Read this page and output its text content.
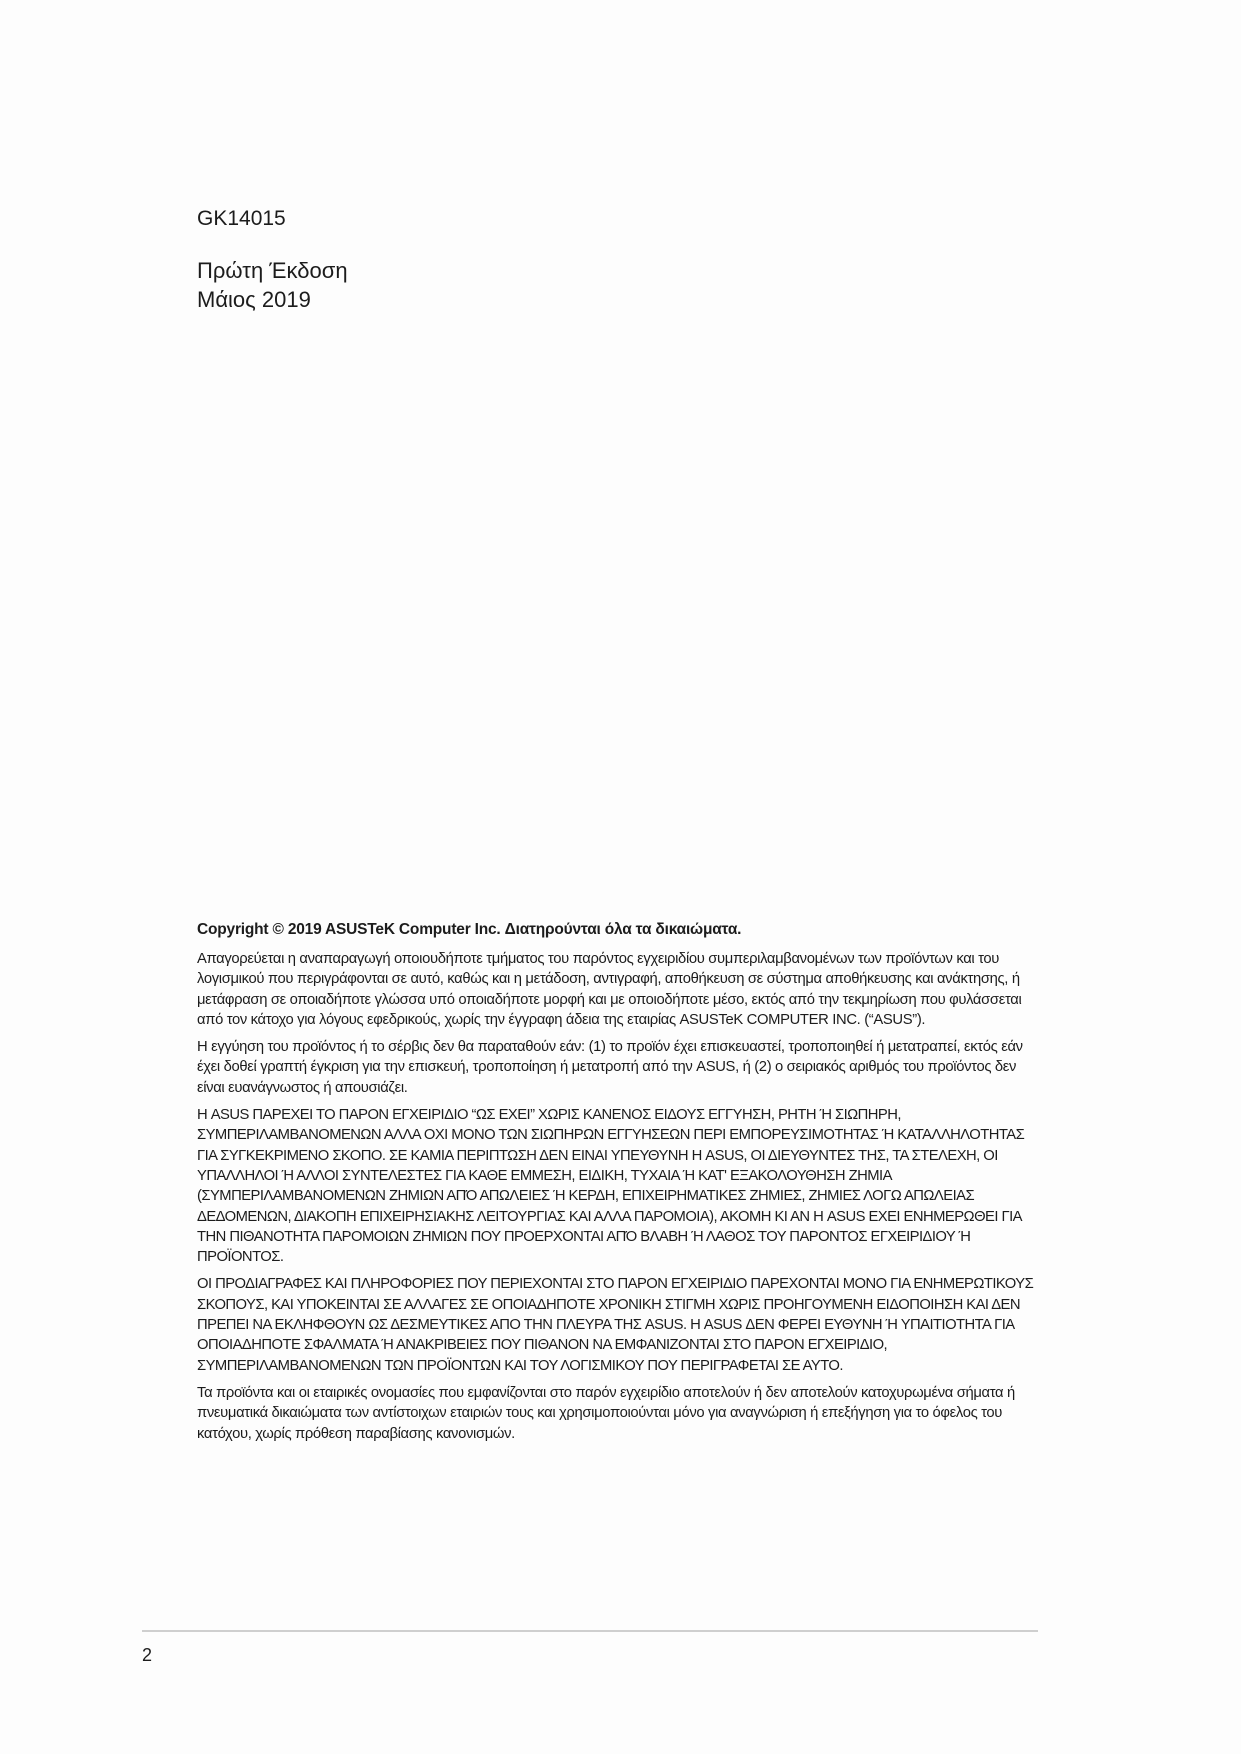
GK14015
Πρώτη Έκδοση
Μάιος 2019
Copyright © 2019 ASUSTeK Computer Inc. Διατηρούνται όλα τα δικαιώματα.

Απαγορεύεται η αναπαραγωγή οποιουδήποτε τμήματος του παρόντος εγχειριδίου συμπεριλαμβανομένων των προϊόντων και του λογισμικού που περιγράφονται σε αυτό, καθώς και η μετάδοση, αντιγραφή, αποθήκευση σε σύστημα αποθήκευσης και ανάκτησης, ή μετάφραση σε οποιαδήποτε γλώσσα υπό οποιαδήποτε μορφή και με οποιοδήποτε μέσο, εκτός από την τεκμηρίωση που φυλάσσεται από τον κάτοχο για λόγους εφεδρικούς, χωρίς την έγγραφη άδεια της εταιρίας ASUSTeK COMPUTER INC. (“ASUS”).

Η εγγύηση του προϊόντος ή το σέρβις δεν θα παραταθούν εάν: (1) το προϊόν έχει επισκευαστεί, τροποποιηθεί ή μετατραπεί, εκτός εάν έχει δοθεί γραπτή έγκριση για την επισκευή, τροποποίηση ή μετατροπή από την ASUS, ή (2) ο σειριακός αριθμός του προϊόντος δεν είναι ευανάγνωστος ή απουσιάζει.

Η ASUS ΠΑΡΕΧΕΙ ΤΟ ΠΑΡΟΝ ΕΓΧΕΙΡΙΔΙΟ “ΩΣ ΕΧΕΙ” ΧΩΡΙΣ ΚΑΝΕΝΟΣ ΕΙΔΟΥΣ ΕΓΓΥΗΣΗ, ΡΗΤΗ Ή ΣΙΩΠΗΡΗ, ΣΥΜΠΕΡΙΛΑΜΒΑΝΟΜΕΝΩΝ ΑΛΛΑ ΟΧΙ ΜΟΝΟ ΤΩΝ ΣΙΩΠΗΡΩΝ ΕΓΓΥΗΣΕΩΝ ΠΕΡΙ ΕΜΠΟΡΕΥΣΙΜΟΤΗΤΑΣ Ή ΚΑΤΑΛΛΗΛΟΤΗΤΑΣ ΓΙΑ ΣΥΓΚΕΚΡΙΜΕΝΟ ΣΚΟΠΟ. ΣΕ ΚΑΜΙΑ ΠΕΡΙΠΤΩΣΗ ΔΕΝ ΕΙΝΑΙ ΥΠΕΥΘΥΝΗ Η ASUS, ΟΙ ΔΙΕΥΘΥΝΤΕΣ ΤΗΣ, ΤΑ ΣΤΕΛΕΧΗ, ΟΙ ΥΠΑΛΛΗΛΟΙ Ή ΑΛΛΟΙ ΣΥΝΤΕΛΕΣΤΕΣ ΓΙΑ ΚΑΘΕ ΕΜΜΕΣΗ, ΕΙΔΙΚΗ, ΤΥΧΑΙΑ Ή ΚΑΤ' ΕΞΑΚΟΛΟΥΘΗΣΗ ΖΗΜΙΑ (ΣΥΜΠΕΡΙΛΑΜΒΑΝΟΜΕΝΩΝ ΖΗΜΙΩΝ ΑΠΌ ΑΠΩΛΕΙΕΣ Ή ΚΕΡΔΗ, ΕΠΙΧΕΙΡΗΜΑΤΙΚΕΣ ΖΗΜΙΕΣ, ΖΗΜΙΕΣ ΛΟΓΩ ΑΠΩΛΕΙΑΣ ΔΕΔΟΜΕΝΩΝ, ΔΙΑΚΟΠΗ ΕΠΙΧΕΙΡΗΣΙΑΚΗΣ ΛΕΙΤΟΥΡΓΙΑΣ ΚΑΙ ΑΛΛΑ ΠΑΡΟΜΟΙΑ), ΑΚΟΜΗ ΚΙ ΑΝ Η ASUS ΕΧΕΙ ΕΝΗΜΕΡΩΘΕΙ ΓΙΑ ΤΗΝ ΠΙΘΑΝΟΤΗΤΑ ΠΑΡΟΜΟΙΩΝ ΖΗΜΙΩΝ ΠΟΥ ΠΡΟΕΡΧΟΝΤΑΙ ΑΠΌ ΒΛΑΒΗ Ή ΛΑΘΟΣ ΤΟΥ ΠΑΡΟΝΤΟΣ ΕΓΧΕΙΡΙΔΙΟΥ Ή ΠΡΟΪΟΝΤΟΣ.

ΟΙ ΠΡΟΔΙΑΓΡΑΦΕΣ ΚΑΙ ΠΛΗΡΟΦΟΡΙΕΣ ΠΟΥ ΠΕΡΙΕΧΟΝΤΑΙ ΣΤΟ ΠΑΡΟΝ ΕΓΧΕΙΡΙΔΙΟ ΠΑΡΕΧΟΝΤΑΙ ΜΟΝΟ ΓΙΑ ΕΝΗΜΕΡΩΤΙΚΟΥΣ ΣΚΟΠΟΥΣ, ΚΑΙ ΥΠΟΚΕΙΝΤΑΙ ΣΕ ΑΛΛΑΓΕΣ ΣΕ ΟΠΟΙΑΔΗΠΟΤΕ ΧΡΟΝΙΚΗ ΣΤΙΓΜΗ ΧΩΡΙΣ ΠΡΟΗΓΟΥΜΕΝΗ ΕΙΔΟΠΟΙΗΣΗ ΚΑΙ ΔΕΝ ΠΡΕΠΕΙ ΝΑ ΕΚΛΗΦΘΟΥΝ ΩΣ ΔΕΣΜΕΥΤΙΚΕΣ ΑΠΟ ΤΗΝ ΠΛΕΥΡΑ ΤΗΣ ASUS. Η ASUS ΔΕΝ ΦΕΡΕΙ ΕΥΘΥΝΗ Ή ΥΠΑΙΤΙΟΤΗΤΑ ΓΙΑ ΟΠΟΙΑΔΗΠΟΤΕ ΣΦΑΛΜΑΤΑ Ή ΑΝΑΚΡΙΒΕΙΕΣ ΠΟΥ ΠΙΘΑΝΟΝ ΝΑ ΕΜΦΑΝΙΖΟΝΤΑΙ ΣΤΟ ΠΑΡΟΝ ΕΓΧΕΙΡΙΔΙΟ, ΣΥΜΠΕΡΙΛΑΜΒΑΝΟΜΕΝΩΝ ΤΩΝ ΠΡΟΪΟΝΤΩΝ ΚΑΙ ΤΟΥ ΛΟΓΙΣΜΙΚΟΥ ΠΟΥ ΠΕΡΙΓΡΑΦΕΤΑΙ ΣΕ ΑΥΤΟ.

Τα προϊόντα και οι εταιρικές ονομασίες που εμφανίζονται στο παρόν εγχειρίδιο αποτελούν ή δεν αποτελούν κατοχυρωμένα σήματα ή πνευματικά δικαιώματα των αντίστοιχων εταιριών τους και χρησιμοποιούνται μόνο για αναγνώριση ή επεξήγηση για το όφελος του κατόχου, χωρίς πρόθεση παραβίασης κανονισμών.

2
